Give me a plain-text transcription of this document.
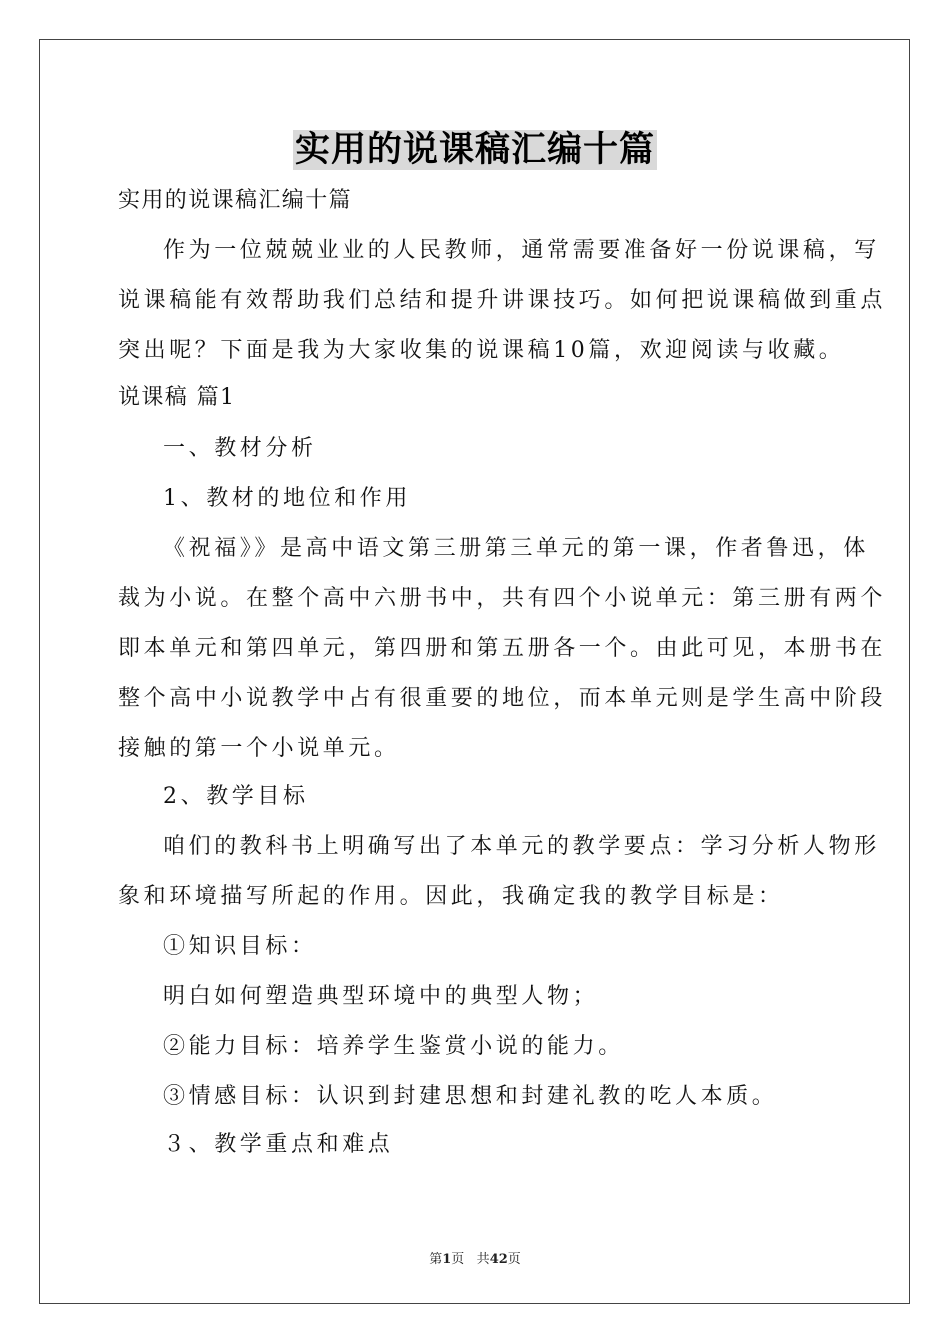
实用的说课稿汇编十篇
实用的说课稿汇编十篇
作为一位兢兢业业的人民教师，通常需要准备好一份说课稿，写
说课稿能有效帮助我们总结和提升讲课技巧。如何把说课稿做到重点
突出呢？下面是我为大家收集的说课稿10篇，欢迎阅读与收藏。
说课稿 篇1
一、教材分析
1、教材的地位和作用
《祝福》》是高中语文第三册第三单元的第一课，作者鲁迅，体
裁为小说。在整个高中六册书中，共有四个小说单元：第三册有两个
即本单元和第四单元，第四册和第五册各一个。由此可见，本册书在
整个高中小说教学中占有很重要的地位，而本单元则是学生高中阶段
接触的第一个小说单元。
2、教学目标
咱们的教科书上明确写出了本单元的教学要点：学习分析人物形
象和环境描写所起的作用。因此，我确定我的教学目标是：
①知识目标：
明白如何塑造典型环境中的典型人物；
②能力目标：培养学生鉴赏小说的能力。
③情感目标：认识到封建思想和封建礼教的吃人本质。
３、教学重点和难点
第1页 共42页
